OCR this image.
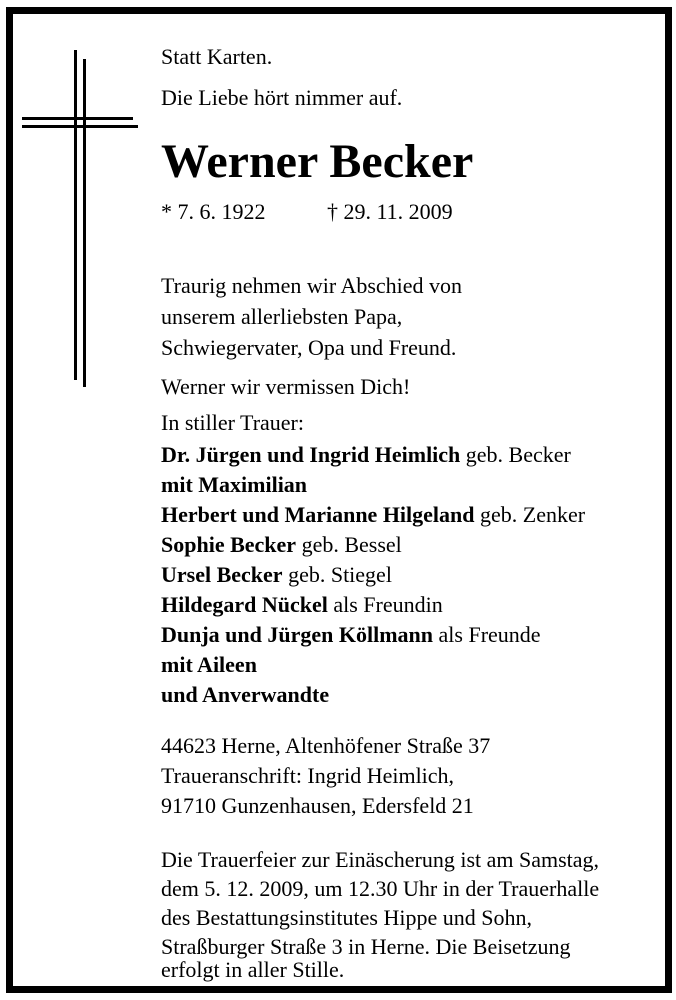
Statt Karten.
Die Liebe hört nimmer auf.
Werner Becker
* 7. 6. 1922	† 29. 11. 2009
Traurig nehmen wir Abschied von
unserem allerliebsten Papa,
Schwiegervater, Opa und Freund.
Werner wir vermissen Dich!
In stiller Trauer:
Dr. Jürgen und Ingrid Heimlich geb. Becker
mit Maximilian
Herbert und Marianne Hilgeland geb. Zenker
Sophie Becker geb. Bessel
Ursel Becker geb. Stiegel
Hildegard Nückel als Freundin
Dunja und Jürgen Köllmann als Freunde
mit Aileen
und Anverwandte
44623 Herne, Altenhöfener Straße 37
Traueranschrift: Ingrid Heimlich,
91710 Gunzenhausen, Edersfeld 21
Die Trauerfeier zur Einäscherung ist am Samstag,
dem 5. 12. 2009, um 12.30 Uhr in der Trauerhalle
des Bestattungsinstitutes Hippe und Sohn,
Straßburger Straße 3 in Herne. Die Beisetzung
erfolgt in aller Stille.
